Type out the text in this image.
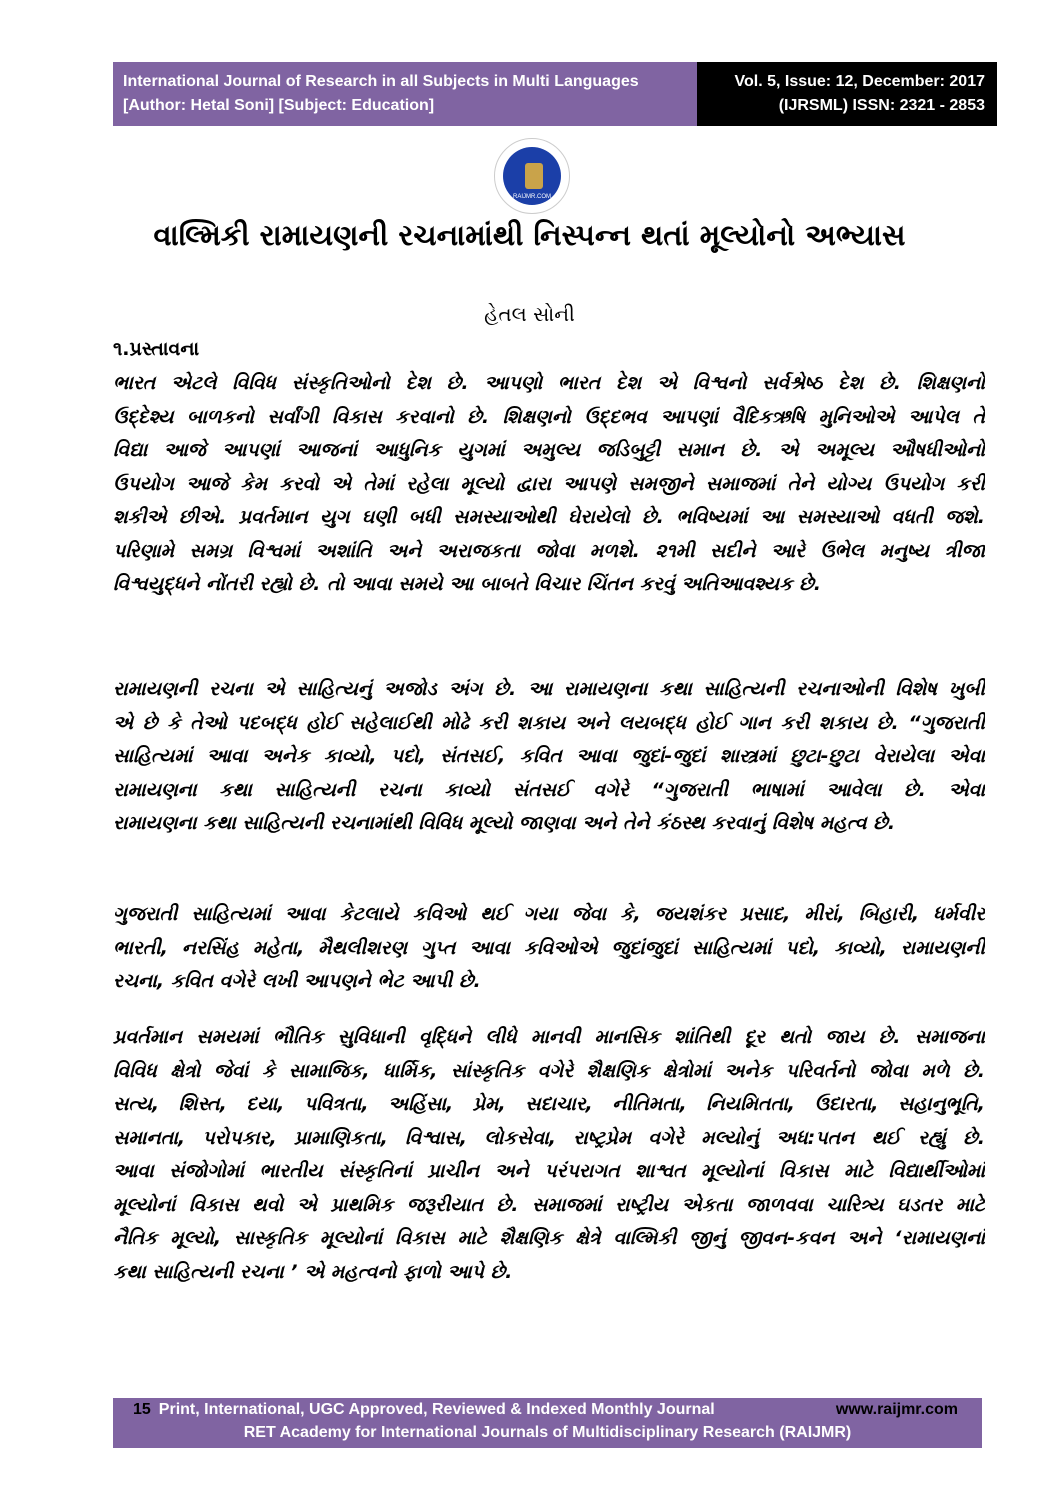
International Journal of Research in all Subjects in Multi Languages
[Author: Hetal Soni] [Subject: Education]
Vol. 5, Issue: 12, December: 2017
(IJRSML) ISSN: 2321 - 2853
RAIJMR.COM
વાલ્મિકી રામાયણની રચનામાંથી નિસ્પન્ન થતાં મૂલ્યોનો અભ્યાસ
હેતલ સોની
૧.પ્રસ્તાવના
ભારત એટલે વિવિધ સંસ્કૃતિઓનો દેશ છે. આપણો ભારત દેશ એ વિશ્વનો સર્વશ્રેષ્ઠ દેશ છે. શિક્ષણનો
ઉદ્દેશ્ય બાળકનો સર્વાંગી વિકાસ કરવાનો છે. શિક્ષણનો ઉદ્દભવ આપણાં વૈદિકઋષિ મુનિઓએ આપેલ તે
વિદ્યા આજે આપણાં આજનાં આધુનિક યુગમાં અમુલ્ય જડિબુટ્ટી સમાન છે. એ અમૂલ્ય ઔષધીઓનો
ઉપયોગ આજે કેમ કરવો એ તેમાં રહેલા મૂલ્યો દ્વારા આપણે સમજીને સમાજમાં તેને યોગ્ય ઉપયોગ કરી
શકીએ છીએ. પ્રવર્તમાન યુગ ઘણી બધી સમસ્યાઓથી ઘેરાયેલો છે. ભવિષ્યમાં આ સમસ્યાઓ વધતી જશે.
પરિણામે સમગ્ર વિશ્વમાં અશાંતિ અને અરાજકતા જોવા મળશે. ૨૧મી સદીને આરે ઉભેલ મનુષ્ય ત્રીજા
વિશ્વયુદ્ધને નોંતરી રહ્યો છે. તો આવા સમયે આ બાબતે વિચાર ચિંતન કરવું અતિઆવશ્યક છે.
રામાયણની રચના એ સાહિત્યનું અજોડ અંગ છે. આ રામાયણના કથા સાહિત્યની રચનાઓની વિશેષ ખુબી
એ છે કે તેઓ પદબદ્ધ હોઈ સહેલાઈથી મોઢે કરી શકાય અને લયબદ્ધ હોઈ ગાન કરી શકાય છે. “ગુજરાતી
સાહિત્યમાં આવા અનેક કાવ્યો, પદો, સંતસઈ, કવિત આવા જુદાં-જુદાં શાસ્ત્રમાં છુટા-છુટા વેરાયેલા એવા
રામાયણના કથા સાહિત્યની રચના કાવ્યો સંતસઈ વગેરે “ગુજરાતી ભાષામાં આવેલા છે. એવા
રામાયણના કથા સાહિત્યની રચનામાંથી વિવિધ મૂલ્યો જાણવા અને તેને કંઠસ્થ કરવાનું વિશેષ મહત્વ છે.
ગુજરાતી સાહિત્યમાં આવા કેટલાયે કવિઓ થઈ ગયા જેવા કે, જયશંકર પ્રસાદ, મીરાં, બિહારી, ધર્મવીર
ભારતી, નરસિંહ મહેતા, મૈથલીશરણ ગુપ્ત આવા કવિઓએ જુદાંજુદાં સાહિત્યમાં પદો, કાવ્યો, રામાયણની
રચના, કવિત વગેરે લખી આપણને ભેટ આપી છે.
પ્રવર્તમાન સમયમાં ભૌતિક સુવિધાની વૃદ્ધિને લીધે માનવી માનસિક શાંતિથી દૂર થતો જાય છે. સમાજના
વિવિધ ક્ષેત્રો જેવાં કે સામાજિક, ધાર્મિક, સાંસ્કૃતિક વગેરે શૈક્ષણિક ક્ષેત્રોમાં અનેક પરિવર્તનો જોવા મળે છે.
સત્ય, શિસ્ત, દયા, પવિત્રતા, અહિંસા, પ્રેમ, સદાચાર, નીતિમતા, નિયમિતતા, ઉદારતા, સહાનુભૂતિ,
સમાનતા, પરોપકાર, પ્રામાણિકતા, વિશ્વાસ, લોકસેવા, રાષ્ટ્રપ્રેમ વગેરે મલ્યોનું અધ:પતન થઈ રહ્યું છે.
આવા સંજોગોમાં ભારતીય સંસ્કૃતિનાં પ્રાચીન અને પરંપરાગત શાશ્વત મૂલ્યોનાં વિકાસ માટે વિદ્યાર્થીઓમાં
મૂલ્યોનાં વિકાસ થવો એ પ્રાથમિક જરૂરીયાત છે. સમાજમાં રાષ્ટ્રીય એકતા જાળવવા ચારિત્ર્ય ઘડતર માટે
નૈતિક મૂલ્યો, સાસ્કૃતિક મૂલ્યોનાં વિકાસ માટે શૈક્ષણિક ક્ષેત્રે વાલ્મિકી જીનું જીવન-કવન અને ‘રામાયણનાં
કથા સાહિત્યની રચના ’ એ મહત્વનો ફાળો આપે છે.
15 Print, International, UGC Approved, Reviewed & Indexed Monthly Journal	www.raijmr.com
RET Academy for International Journals of Multidisciplinary Research (RAIJMR)
